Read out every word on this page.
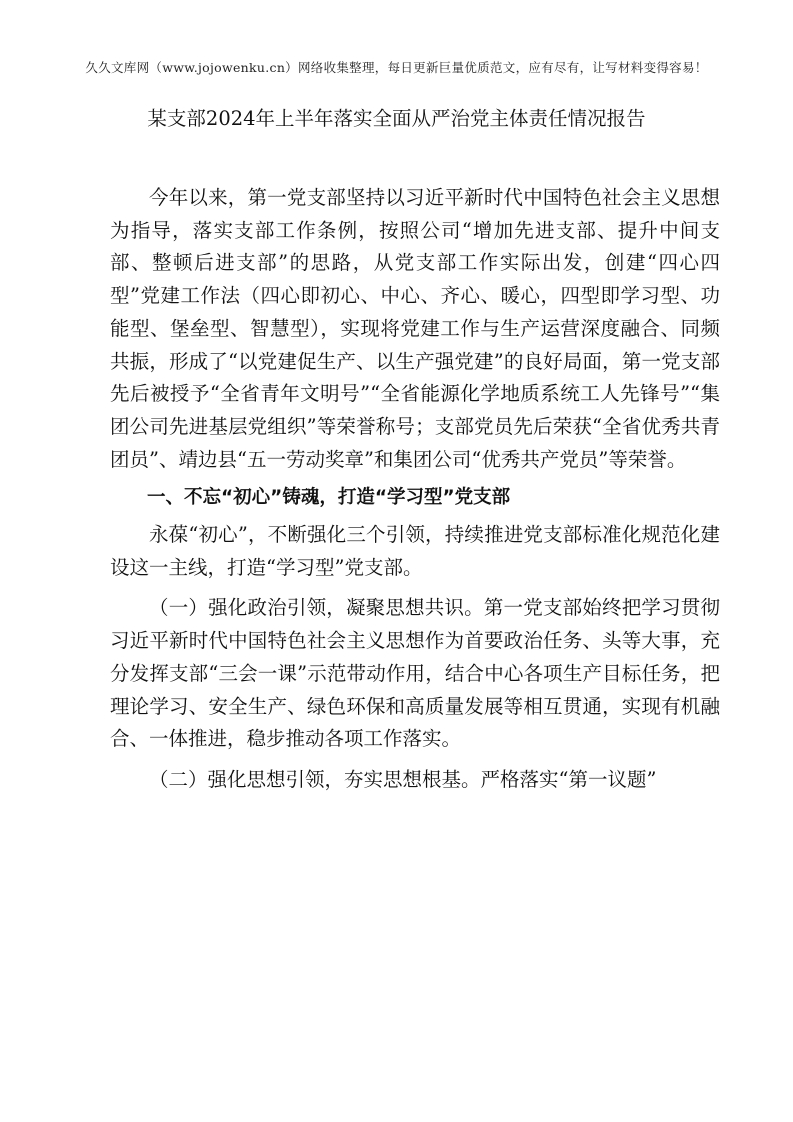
久久文库网（www.jojowenku.cn）网络收集整理，每日更新巨量优质范文，应有尽有，让写材料变得容易！
某支部2024年上半年落实全面从严治党主体责任情况报告

今年以来，第一党支部坚持以习近平新时代中国特色社会主义思想为指导，落实支部工作条例，按照公司“增加先进支部、提升中间支部、整顿后进支部”的思路，从党支部工作实际出发，创建“四心四型”党建工作法（四心即初心、中心、齐心、暖心，四型即学习型、功能型、堡垒型、智慧型），实现将党建工作与生产运营深度融合、同频共振，形成了“以党建促生产、以生产强党建”的良好局面，第一党支部先后被授予“全省青年文明号”“全省能源化学地质系统工人先锋号”“集团公司先进基层党组织”等荣誉称号；支部党员先后荣获“全省优秀共青团员”、靖边县“五一劳动奖章”和集团公司“优秀共产党员”等荣誉。

一、不忘“初心”铸魂，打造“学习型”党支部

永葆“初心”，不断强化三个引领，持续推进党支部标准化规范化建设这一主线，打造“学习型”党支部。

（一）强化政治引领，凝聚思想共识。第一党支部始终把学习贯彻习近平新时代中国特色社会主义思想作为首要政治任务、头等大事，充分发挥支部“三会一课”示范带动作用，结合中心各项生产目标任务，把理论学习、安全生产、绿色环保和高质量发展等相互贯通，实现有机融合、一体推进，稳步推动各项工作落实。

（二）强化思想引领，夯实思想根基。严格落实“第一议题”
